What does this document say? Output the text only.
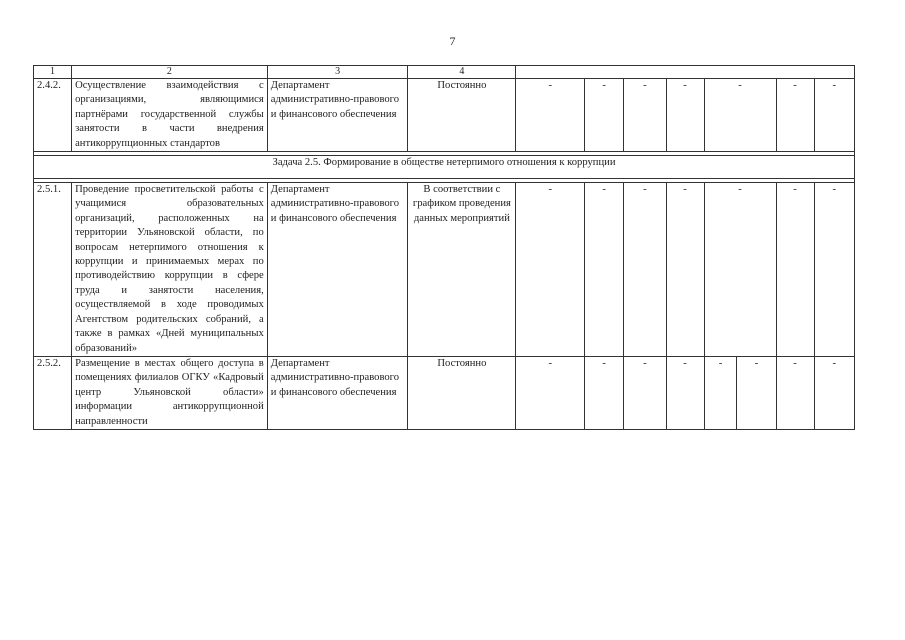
7
1	2	3	4								
2.4.2.	Осуществление взаимодействия с организациями, являющимися партнёрами государственной службы занятости в части внедрения антикоррупционных стандартов	Департамент административно-правового и финансового обеспечения	Постоянно	-	-	-	-	-		-	-

Задача 2.5. Формирование в обществе нетерпимого отношения к коррупции											

2.5.1.	Проведение просветительской работы с учащимися образовательных организаций, расположенных на территории Ульяновской области, по вопросам нетерпимого отношения к коррупции и принимаемых мерах по противодействию коррупции в сфере труда и занятости населения, осуществляемой в ходе проводимых Агентством родительских собраний, а также в рамках «Дней муниципальных образований»	Департамент административно-правового и финансового обеспечения	В соответствии с графиком проведения данных мероприятий	-	-	-	-	-		-	-
2.5.2.	Размещение в местах общего доступа в помещениях филиалов ОГКУ «Кадровый центр Ульяновской области» информации антикоррупционной направленности	Департамент административно-правового и финансового обеспечения	Постоянно	-	-	-	-	-	-	-	-
